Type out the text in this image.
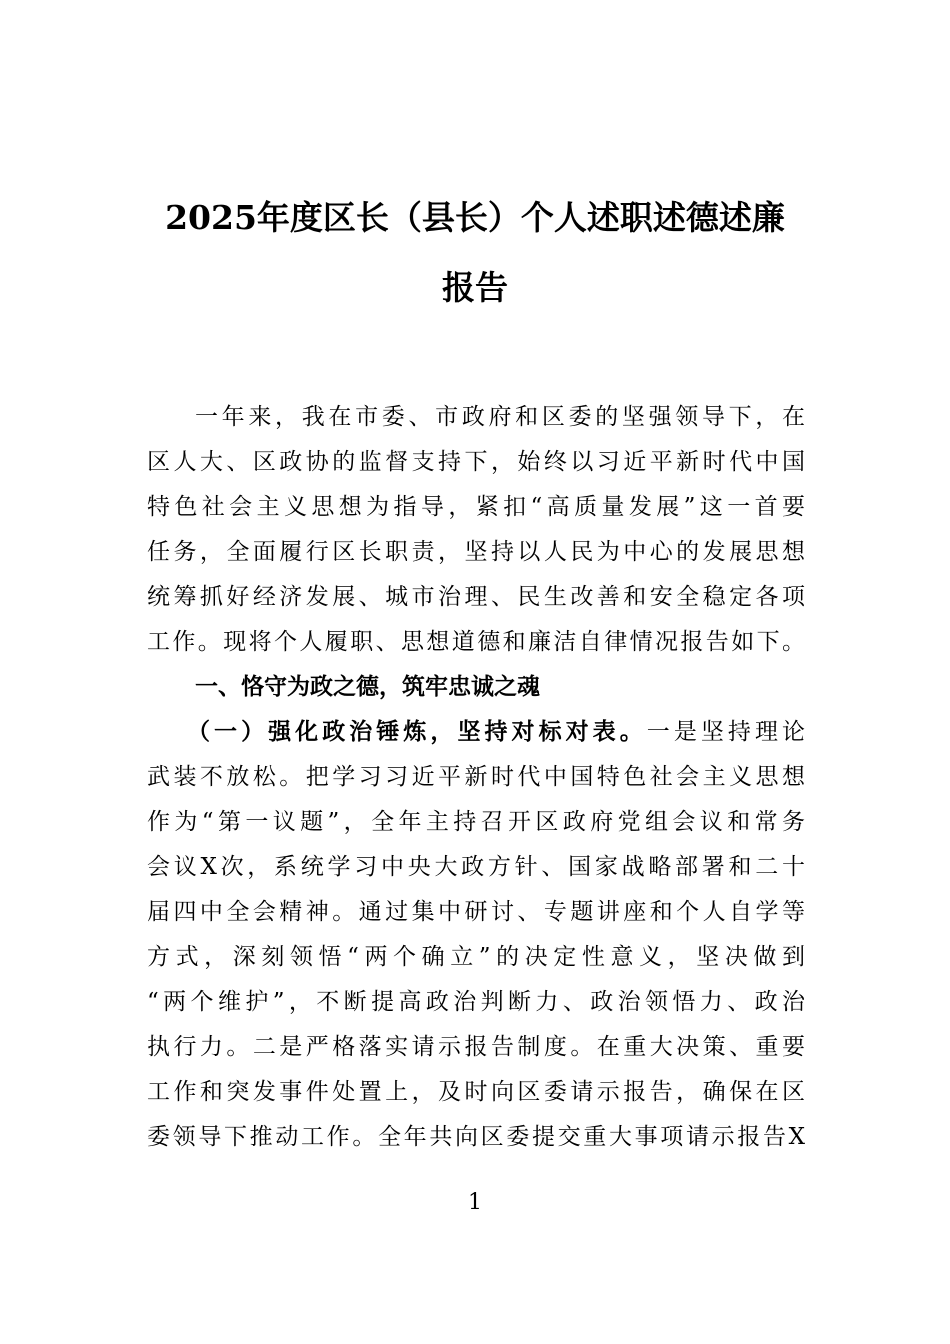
2025年度区长（县长）个人述职述德述廉
报告
一年来，我在市委、市政府和区委的坚强领导下，在
区人大、区政协的监督支持下，始终以习近平新时代中国
特色社会主义思想为指导，紧扣“高质量发展”这一首要
任务，全面履行区长职责，坚持以人民为中心的发展思想
统筹抓好经济发展、城市治理、民生改善和安全稳定各项
工作。现将个人履职、思想道德和廉洁自律情况报告如下。
一、恪守为政之德，筑牢忠诚之魂
（一）强化政治锤炼，坚持对标对表。一是坚持理论
武装不放松。把学习习近平新时代中国特色社会主义思想
作为“第一议题”，全年主持召开区政府党组会议和常务
会议X次，系统学习中央大政方针、国家战略部署和二十
届四中全会精神。通过集中研讨、专题讲座和个人自学等
方式，深刻领悟“两个确立”的决定性意义，坚决做到
“两个维护”，不断提高政治判断力、政治领悟力、政治
执行力。二是严格落实请示报告制度。在重大决策、重要
工作和突发事件处置上，及时向区委请示报告，确保在区
委领导下推动工作。全年共向区委提交重大事项请示报告X
1
